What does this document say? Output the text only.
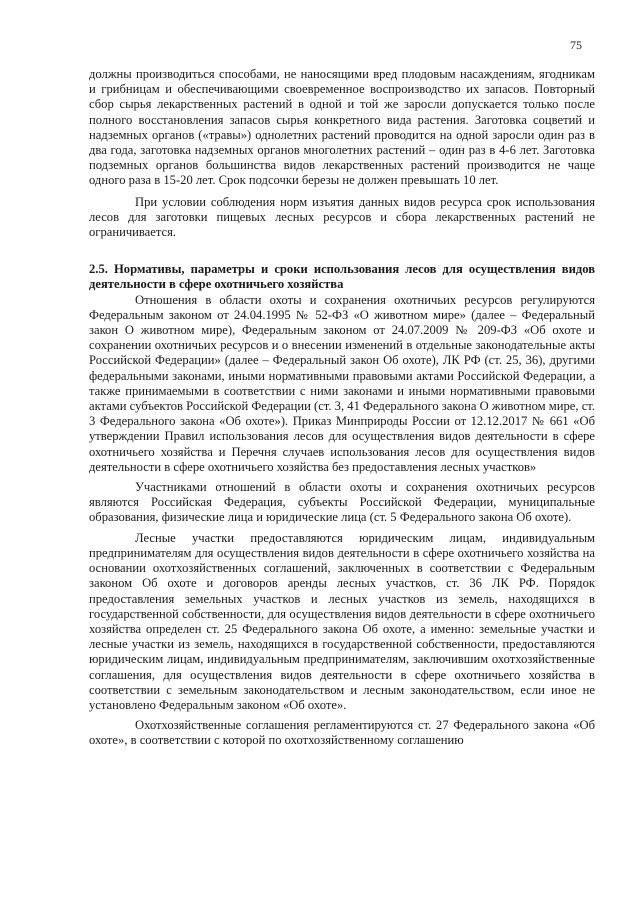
75

должны производиться способами, не наносящими вред плодовым насаждениям, ягодникам и грибницам и обеспечивающими своевременное воспроизводство их запасов. Повторный сбор сырья лекарственных растений в одной и той же заросли допускается только после полного восстановления запасов сырья конкретного вида растения. Заготовка соцветий и надземных органов («травы») однолетних растений проводится на одной заросли один раз в два года, заготовка надземных органов многолетних растений – один раз в 4-6 лет. Заготовка подземных органов большинства видов лекарственных растений производится не чаще одного раза в 15-20 лет. Срок подсочки березы не должен превышать 10 лет.

При условии соблюдения норм изъятия данных видов ресурса срок использования лесов для заготовки пищевых лесных ресурсов и сбора лекарственных растений не ограничивается.

2.5. Нормативы, параметры и сроки использования лесов для осуществления видов деятельности в сфере охотничьего хозяйства

Отношения в области охоты и сохранения охотничьих ресурсов регулируются Федеральным законом от 24.04.1995 № 52-ФЗ «О животном мире» (далее – Федеральный закон О животном мире), Федеральным законом от 24.07.2009 № 209-ФЗ «Об охоте и сохранении охотничьих ресурсов и о внесении изменений в отдельные законодательные акты Российской Федерации» (далее – Федеральный закон Об охоте), ЛК РФ (ст. 25, 36), другими федеральными законами, иными нормативными правовыми актами Российской Федерации, а также принимаемыми в соответствии с ними законами и иными нормативными правовыми актами субъектов Российской Федерации (ст. 3, 41 Федерального закона О животном мире, ст. 3 Федерального закона «Об охоте»). Приказ Минприроды России от 12.12.2017 № 661 «Об утверждении Правил использования лесов для осуществления видов деятельности в сфере охотничьего хозяйства и Перечня случаев использования лесов для осуществления видов деятельности в сфере охотничьего хозяйства без предоставления лесных участков»

Участниками отношений в области охоты и сохранения охотничьих ресурсов являются Российская Федерация, субъекты Российской Федерации, муниципальные образования, физические лица и юридические лица (ст. 5 Федерального закона Об охоте).

Лесные участки предоставляются юридическим лицам, индивидуальным предпринимателям для осуществления видов деятельности в сфере охотничьего хозяйства на основании охотхозяйственных соглашений, заключенных в соответствии с Федеральным законом Об охоте и договоров аренды лесных участков, ст. 36 ЛК РФ. Порядок предоставления земельных участков и лесных участков из земель, находящихся в государственной собственности, для осуществления видов деятельности в сфере охотничьего хозяйства определен ст. 25 Федерального закона Об охоте, а именно: земельные участки и лесные участки из земель, находящихся в государственной собственности, предоставляются юридическим лицам, индивидуальным предпринимателям, заключившим охотхозяйственные соглашения, для осуществления видов деятельности в сфере охотничьего хозяйства в соответствии с земельным законодательством и лесным законодательством, если иное не установлено Федеральным законом «Об охоте».

Охотхозяйственные соглашения регламентируются ст. 27 Федерального закона «Об охоте», в соответствии с которой по охотхозяйственному соглашению
